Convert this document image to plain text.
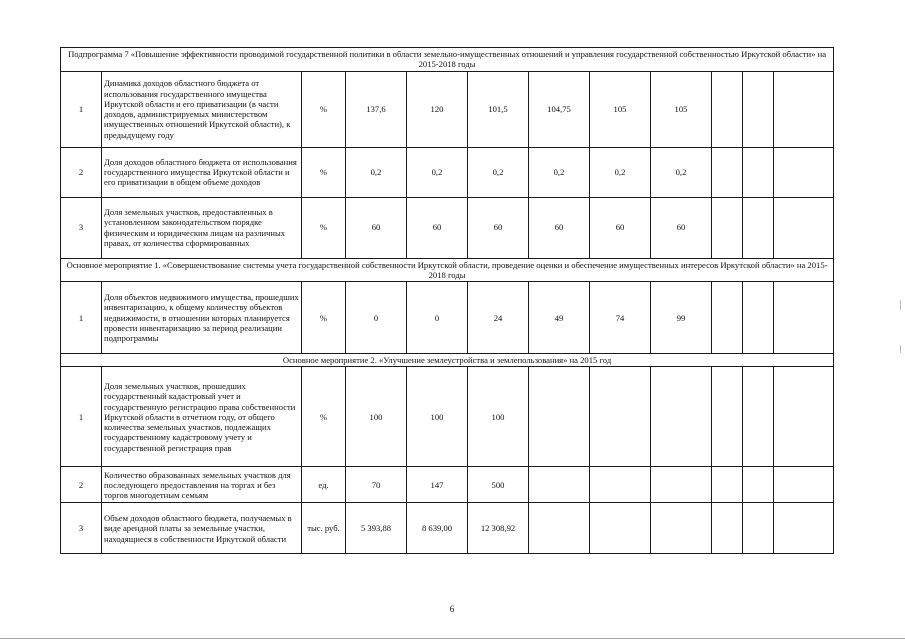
Подпрограмма 7 «Повышение эффективности проводимой государственной политики в области земельно-имущественных отношений и управления государственной собственностью Иркутской области» на 2015-2018 годы											
1	Динамика доходов областного бюджета от использования государственного имущества Иркутской области и его приватизации (в части доходов, администрируемых министерством имущественных отношений Иркутской области), к предыдущему году	%	137,6	120	101,5	104,75	105	105			
2	Доля доходов областного бюджета от использования государственного имущества Иркутской области и его приватизации в общем объеме доходов	%	0,2	0,2	0,2	0,2	0,2	0,2			
3	Доля земельных участков, предоставленных в установленном законодательством порядке физическим и юридическим лицам на различных правах, от количества сформированных	%	60	60	60	60	60	60			
Основное мероприятие 1. «Совершенствование системы учета государственной собственности Иркутской области, проведение оценки и обеспечение имущественных интересов Иркутской области» на 2015-2018 годы											
1	Доля объектов недвижимого имущества, прошедших инвентаризацию, к общему количеству объектов недвижимости, в отношении которых планируется провести инвентаризацию за период реализации подпрограммы	%	0	0	24	49	74	99			
Основное мероприятие 2. «Улучшение землеустройства и землепользования» на 2015 год											
1	Доля земельных участков, прошедших государственный кадастровый учет и государственную регистрацию права собственности Иркутской области в отчетном году, от общего количества земельных участков, подлежащих государственному кадастровому учету и государственной регистрация прав	%	100	100	100						
2	Количество образованных земельных участков для последующего предоставления на торгах и без торгов многодетным семьям	ед.	70	147	500						
3	Объем доходов областного бюджета, получаемых в виде арендной платы за земельные участки, находящиеся в собственности Иркутской области	тыс. руб.	5 393,88	8 639,00	12 308,92						
6
